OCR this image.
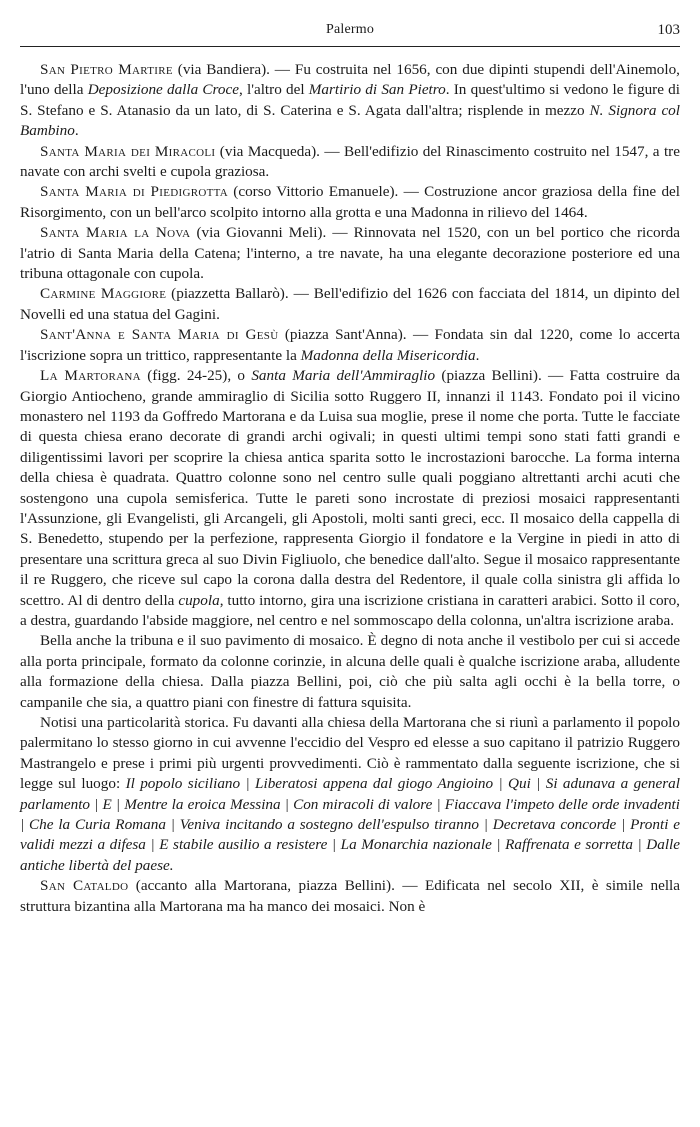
Palermo	103

San Pietro Martire (via Bandiera). — Fu costruita nel 1656, con due dipinti stupendi dell'Ainemolo, l'uno della Deposizione dalla Croce, l'altro del Martirio di San Pietro. In quest'ultimo si vedono le figure di S. Stefano e S. Atanasio da un lato, di S. Caterina e S. Agata dall'altra; risplende in mezzo N. Signora col Bambino.

Santa Maria dei Miracoli (via Macqueda). — Bell'edifizio del Rinascimento costruito nel 1547, a tre navate con archi svelti e cupola graziosa.

Santa Maria di Piedigrotta (corso Vittorio Emanuele). — Costruzione ancor graziosa della fine del Risorgimento, con un bell'arco scolpito intorno alla grotta e una Madonna in rilievo del 1464.

Santa Maria la Nova (via Giovanni Meli). — Rinnovata nel 1520, con un bel portico che ricorda l'atrio di Santa Maria della Catena; l'interno, a tre navate, ha una elegante decorazione posteriore ed una tribuna ottagonale con cupola.

Carmine Maggiore (piazzetta Ballarò). — Bell'edifizio del 1626 con facciata del 1814, un dipinto del Novelli ed una statua del Gagini.

Sant'Anna e Santa Maria di Gesù (piazza Sant'Anna). — Fondata sin dal 1220, come lo accerta l'iscrizione sopra un trittico, rappresentante la Madonna della Misericordia.

La Martorana (figg. 24-25), o Santa Maria dell'Ammiraglio (piazza Bellini). — Fatta costruire da Giorgio Antiocheno, grande ammiraglio di Sicilia sotto Ruggero II, innanzi il 1143. Fondato poi il vicino monastero nel 1193 da Goffredo Martorana e da Luisa sua moglie, prese il nome che porta. Tutte le facciate di questa chiesa erano decorate di grandi archi ogivali; in questi ultimi tempi sono stati fatti grandi e diligentissimi lavori per scoprire la chiesa antica sparita sotto le incrostazioni barocche. La forma interna della chiesa è quadrata. Quattro colonne sono nel centro sulle quali poggiano altrettanti archi acuti che sostengono una cupola semisferica. Tutte le pareti sono incrostate di preziosi mosaici rappresentanti l'Assunzione, gli Evangelisti, gli Arcangeli, gli Apostoli, molti santi greci, ecc. Il mosaico della cappella di S. Benedetto, stupendo per la perfezione, rappresenta Giorgio il fondatore e la Vergine in piedi in atto di presentare una scrittura greca al suo Divin Figliuolo, che benedice dall'alto. Segue il mosaico rappresentante il re Ruggero, che riceve sul capo la corona dalla destra del Redentore, il quale colla sinistra gli affida lo scettro. Al di dentro della cupola, tutto intorno, gira una iscrizione cristiana in caratteri arabici. Sotto il coro, a destra, guardando l'abside maggiore, nel centro e nel sommoscapo della colonna, un'altra iscrizione araba.

Bella anche la tribuna e il suo pavimento di mosaico. È degno di nota anche il vestibolo per cui si accede alla porta principale, formato da colonne corinzie, in alcuna delle quali è qualche iscrizione araba, alludente alla formazione della chiesa. Dalla piazza Bellini, poi, ciò che più salta agli occhi è la bella torre, o campanile che sia, a quattro piani con finestre di fattura squisita.

Notisi una particolarità storica. Fu davanti alla chiesa della Martorana che si riunì a parlamento il popolo palermitano lo stesso giorno in cui avvenne l'eccidio del Vespro ed elesse a suo capitano il patrizio Ruggero Mastrangelo e prese i primi più urgenti provvedimenti. Ciò è rammentato dalla seguente iscrizione, che si legge sul luogo: Il popolo siciliano | Liberatosi appena dal giogo Angioino | Qui | Si adunava a general parlamento | E | Mentre la eroica Messina | Con miracoli di valore | Fiaccava l'impeto delle orde invadenti | Che la Curia Romana | Veniva incitando a sostegno dell'espulso tiranno | Decretava concorde | Pronti e validi mezzi a difesa | E stabile ausilio a resistere | La Monarchia nazionale | Raffrenata e sorretta | Dalle antiche libertà del paese.

San Cataldo (accanto alla Martorana, piazza Bellini). — Edificata nel secolo XII, è simile nella struttura bizantina alla Martorana ma ha manco dei mosaici. Non è
